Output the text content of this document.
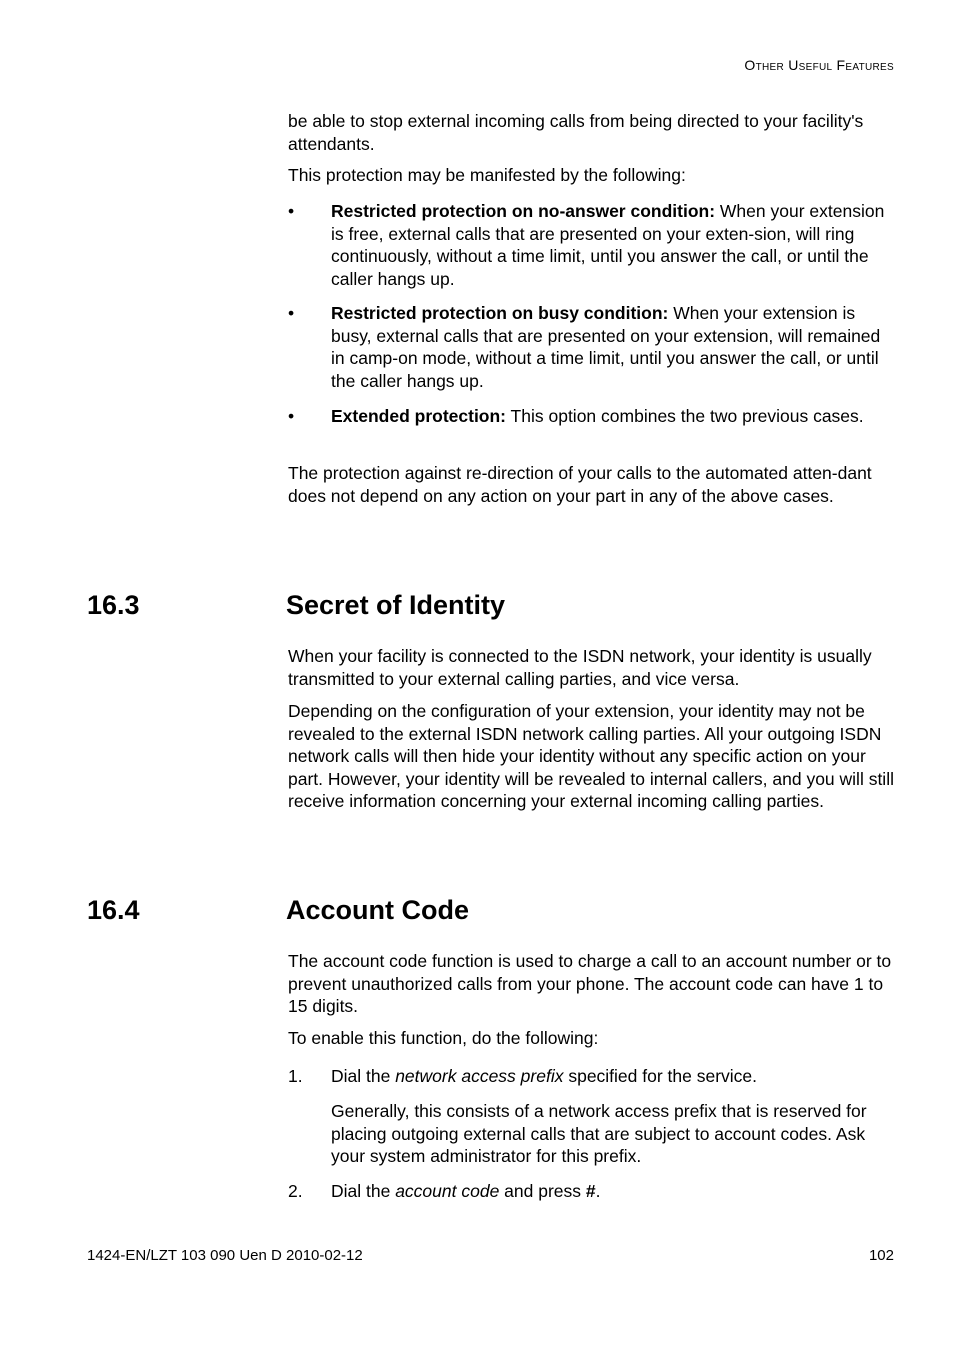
Other Useful Features

be able to stop external incoming calls from being directed to your facility's attendants.

This protection may be manifested by the following:

• Restricted protection on no-answer condition: When your extension is free, external calls that are presented on your exten-sion, will ring continuously, without a time limit, until you answer the call, or until the caller hangs up.

• Restricted protection on busy condition: When your extension is busy, external calls that are presented on your extension, will remained in camp-on mode, without a time limit, until you answer the call, or until the caller hangs up.

• Extended protection: This option combines the two previous cases.

The protection against re-direction of your calls to the automated atten-dant does not depend on any action on your part in any of the above cases.

16.3	Secret of Identity

When your facility is connected to the ISDN network, your identity is usually transmitted to your external calling parties, and vice versa.

Depending on the configuration of your extension, your identity may not be revealed to the external ISDN network calling parties. All your outgoing ISDN network calls will then hide your identity without any specific action on your part. However, your identity will be revealed to internal callers, and you will still receive information concerning your external incoming calling parties.

16.4	Account Code

The account code function is used to charge a call to an account number or to prevent unauthorized calls from your phone. The account code can have 1 to 15 digits.

To enable this function, do the following:

1. Dial the network access prefix specified for the service.

Generally, this consists of a network access prefix that is reserved for placing outgoing external calls that are subject to account codes. Ask your system administrator for this prefix.

2. Dial the account code and press #.

1424-EN/LZT 103 090 Uen D 2010-02-12	102
